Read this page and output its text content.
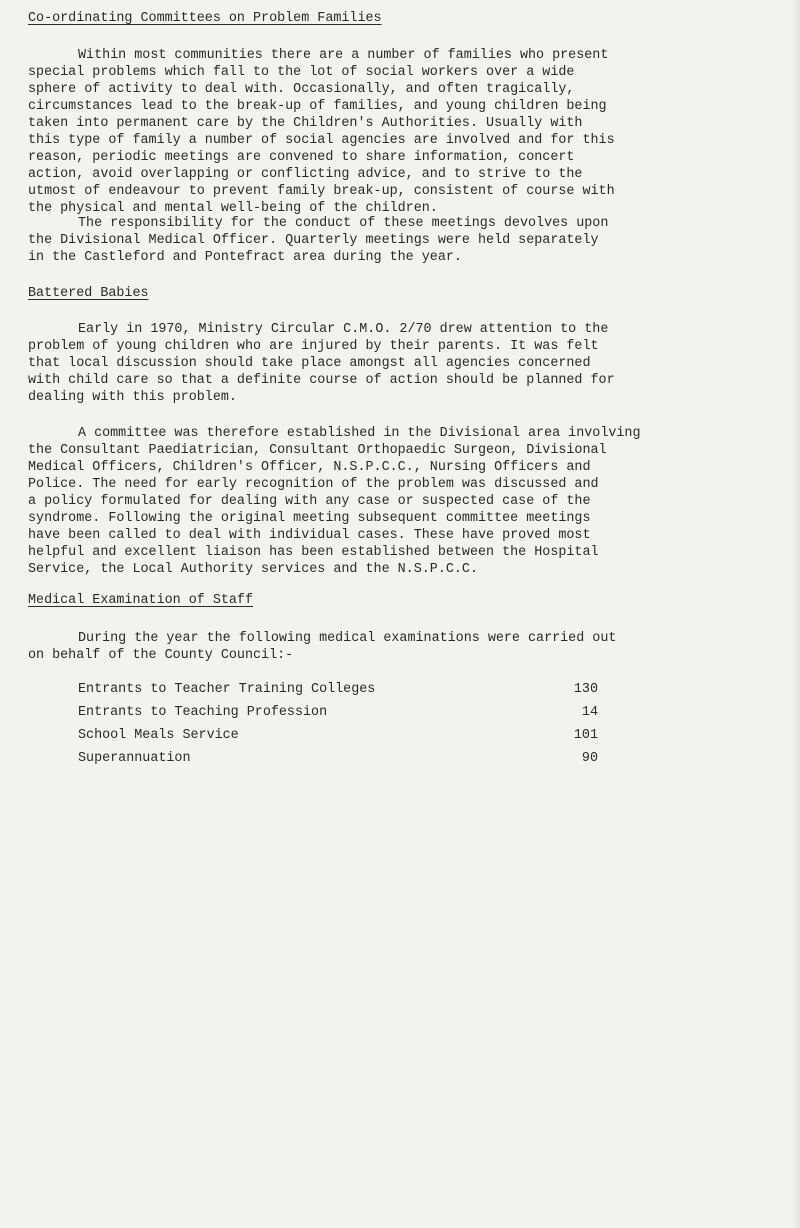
Co-ordinating Committees on Problem Families

Within most communities there are a number of families who present
special problems which fall to the lot of social workers over a wide
sphere of activity to deal with. Occasionally, and often tragically,
circumstances lead to the break-up of families, and young children being
taken into permanent care by the Children's Authorities. Usually with
this type of family a number of social agencies are involved and for this
reason, periodic meetings are convened to share information, concert
action, avoid overlapping or conflicting advice, and to strive to the
utmost of endeavour to prevent family break-up, consistent of course with
the physical and mental well-being of the children.

The responsibility for the conduct of these meetings devolves upon
the Divisional Medical Officer. Quarterly meetings were held separately
in the Castleford and Pontefract area during the year.

Battered Babies

Early in 1970, Ministry Circular C.M.O. 2/70 drew attention to the
problem of young children who are injured by their parents. It was felt
that local discussion should take place amongst all agencies concerned
with child care so that a definite course of action should be planned for
dealing with this problem.

A committee was therefore established in the Divisional area involving
the Consultant Paediatrician, Consultant Orthopaedic Surgeon, Divisional
Medical Officers, Children's Officer, N.S.P.C.C., Nursing Officers and
Police. The need for early recognition of the problem was discussed and
a policy formulated for dealing with any case or suspected case of the
syndrome. Following the original meeting subsequent committee meetings
have been called to deal with individual cases. These have proved most
helpful and excellent liaison has been established between the Hospital
Service, the Local Authority services and the N.S.P.C.C.

Medical Examination of Staff

During the year the following medical examinations were carried out
on behalf of the County Council:-

Entrants to Teacher Training Colleges	130
Entrants to Teaching Profession	14
School Meals Service	101
Superannuation	90
